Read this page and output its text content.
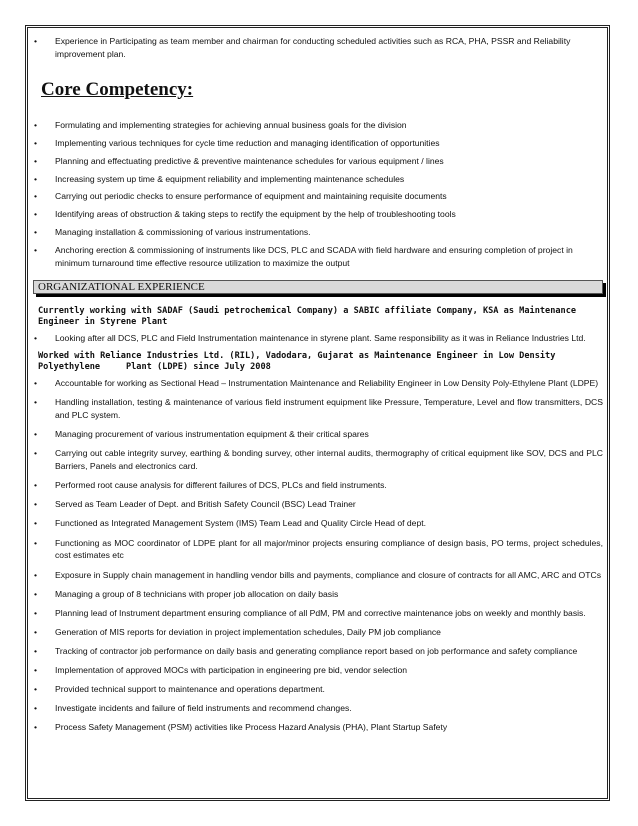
• Experience in Participating as team member and chairman for conducting scheduled activities such as RCA, PHA, PSSR and Reliability improvement plan.
Core Competency:
• Formulating and implementing strategies for achieving annual business goals for the division
• Implementing various techniques for cycle time reduction and managing identification of opportunities
• Planning and effectuating predictive & preventive maintenance schedules for various equipment / lines
• Increasing system up time & equipment reliability and implementing maintenance schedules
• Carrying out periodic checks to ensure performance of equipment and maintaining requisite documents
• Identifying areas of obstruction & taking steps to rectify the equipment by the help of troubleshooting tools
• Managing installation & commissioning of various instrumentations.
• Anchoring erection & commissioning of instruments like DCS, PLC and SCADA with field hardware and ensuring completion of project in minimum turnaround time effective resource utilization to maximize the output
ORGANIZATIONAL EXPERIENCE
Currently working with SADAF (Saudi petrochemical Company) a SABIC affiliate Company, KSA as Maintenance Engineer in Styrene Plant
• Looking after all DCS, PLC and Field Instrumentation maintenance in styrene plant. Same responsibility as it was in Reliance Industries Ltd.
Worked with Reliance Industries Ltd. (RIL), Vadodara, Gujarat as Maintenance Engineer in Low Density
Polyethylene     Plant (LDPE) since July 2008
• Accountable for working as Sectional Head – Instrumentation Maintenance and Reliability Engineer in Low Density Poly-Ethylene Plant (LDPE)
• Handling installation, testing & maintenance of various field instrument equipment like Pressure, Temperature, Level and flow transmitters, DCS and PLC system.
• Managing procurement of various instrumentation equipment & their critical spares
• Carrying out cable integrity survey, earthing & bonding survey, other internal audits, thermography of critical equipment like SOV, DCS and PLC Barriers, Panels and electronics card.
• Performed root cause analysis for different failures of DCS, PLCs and field instruments.
• Served as Team Leader of Dept. and British Safety Council (BSC) Lead Trainer
• Functioned as Integrated Management System (IMS) Team Lead and Quality Circle Head of dept.
• Functioning as MOC coordinator of LDPE plant for all major/minor projects ensuring compliance of design basis, PO terms, project schedules, cost estimates etc
• Exposure in Supply chain management in handling vendor bills and payments, compliance and closure of contracts for all AMC, ARC and OTCs
• Managing a group of 8 technicians with proper job allocation on daily basis
• Planning lead of Instrument department ensuring compliance of all PdM, PM and corrective maintenance jobs on weekly and monthly basis.
• Generation of MIS reports for deviation in project implementation schedules, Daily PM job compliance
• Tracking of contractor job performance on daily basis and generating compliance report based on job performance and safety compliance
• Implementation of approved MOCs with participation in engineering pre bid, vendor selection
• Provided technical support to maintenance and operations department.
• Investigate incidents and failure of field instruments and recommend changes.
• Process Safety Management (PSM) activities like Process Hazard Analysis (PHA), Plant Startup Safety
